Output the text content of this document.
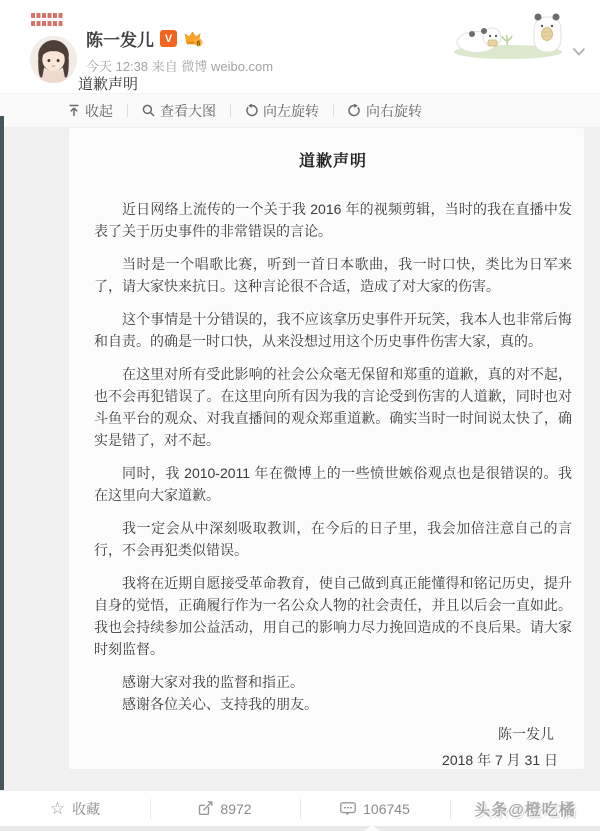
陈一发儿 V	6
今天 12:38 来自 微博 weibo.com
道歉声明
收起	查看大图	向左旋转	向右旋转
道歉声明

近日网络上流传的一个关于我 2016 年的视频剪辑，当时的我在直播中发表了关于历史事件的非常错误的言论。

当时是一个唱歌比赛，听到一首日本歌曲，我一时口快，类比为日军来了，请大家快来抗日。这种言论很不合适，造成了对大家的伤害。

这个事情是十分错误的，我不应该拿历史事件开玩笑，我本人也非常后悔和自责。的确是一时口快，从来没想过用这个历史事件伤害大家，真的。

在这里对所有受此影响的社会公众毫无保留和郑重的道歉，真的对不起，也不会再犯错误了。在这里向所有因为我的言论受到伤害的人道歉，同时也对斗鱼平台的观众、对我直播间的观众郑重道歉。确实当时一时间说太快了，确实是错了，对不起。

同时，我 2010-2011 年在微博上的一些愤世嫉俗观点也是很错误的。我在这里向大家道歉。

我一定会从中深刻吸取教训，在今后的日子里，我会加倍注意自己的言行，不会再犯类似错误。

我将在近期自愿接受革命教育，使自己做到真正能懂得和铭记历史，提升自身的觉悟，正确履行作为一名公众人物的社会责任，并且以后会一直如此。我也会持续参加公益活动，用自己的影响力尽力挽回造成的不良后果。请大家时刻监督。

感谢大家对我的监督和指正。
感谢各位关心、支持我的朋友。
陈一发儿
2018 年 7 月 31 日
☆ 收藏	8972	106745	头条@橙吃橘
